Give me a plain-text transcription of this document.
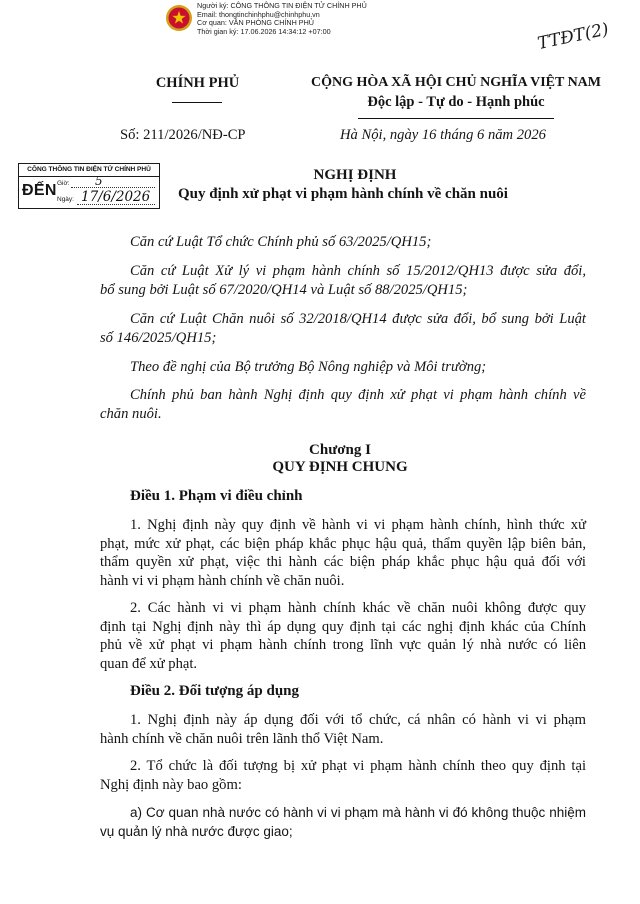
Người ký: CÔNG THÔNG TIN ĐIỆN TỬ CHÍNH PHỦ
Email: thongtinchinhphu@chinhphu.vn
Cơ quan: VĂN PHÒNG CHÍNH PHỦ
Thời gian ký: 17.06.2026 14:34:12 +07:00	TTĐT(2)
CHÍNH PHỦ	CỘNG HÒA XÃ HỘI CHỦ NGHĨA VIỆT NAM
Độc lập - Tự do - Hạnh phúc
Số: 211/2026/NĐ-CP	Hà Nội, ngày 16 tháng 6 năm 2026
CÔNG THÔNG TIN ĐIỆN TỬ CHÍNH PHỦ
ĐẾN Giờ: 5
Ngày: 17/6/2026
NGHỊ ĐỊNH
Quy định xử phạt vi phạm hành chính về chăn nuôi
Căn cứ Luật Tổ chức Chính phủ số 63/2025/QH15;
Căn cứ Luật Xử lý vi phạm hành chính số 15/2012/QH13 được sửa đổi,
bổ sung bởi Luật số 67/2020/QH14 và Luật số 88/2025/QH15;
Căn cứ Luật Chăn nuôi số 32/2018/QH14 được sửa đổi, bổ sung bởi Luật
số 146/2025/QH15;
Theo đề nghị của Bộ trưởng Bộ Nông nghiệp và Môi trường;
Chính phủ ban hành Nghị định quy định xử phạt vi phạm hành chính về
chăn nuôi.
Chương I
QUY ĐỊNH CHUNG
Điều 1. Phạm vi điều chỉnh
1. Nghị định này quy định về hành vi vi phạm hành chính, hình thức xử
phạt, mức xử phạt, các biện pháp khắc phục hậu quả, thẩm quyền lập biên bản,
thẩm quyền xử phạt, việc thi hành các biện pháp khắc phục hậu quả đối với
hành vi vi phạm hành chính về chăn nuôi.
2. Các hành vi vi phạm hành chính khác về chăn nuôi không được quy
định tại Nghị định này thì áp dụng quy định tại các nghị định khác của Chính
phủ về xử phạt vi phạm hành chính trong lĩnh vực quản lý nhà nước có liên
quan để xử phạt.
Điều 2. Đối tượng áp dụng
1. Nghị định này áp dụng đối với tổ chức, cá nhân có hành vi vi phạm
hành chính về chăn nuôi trên lãnh thổ Việt Nam.
2. Tổ chức là đối tượng bị xử phạt vi phạm hành chính theo quy định tại
Nghị định này bao gồm:
a) Cơ quan nhà nước có hành vi vi phạm mà hành vi đó không thuộc nhiệm
vụ quản lý nhà nước được giao;
